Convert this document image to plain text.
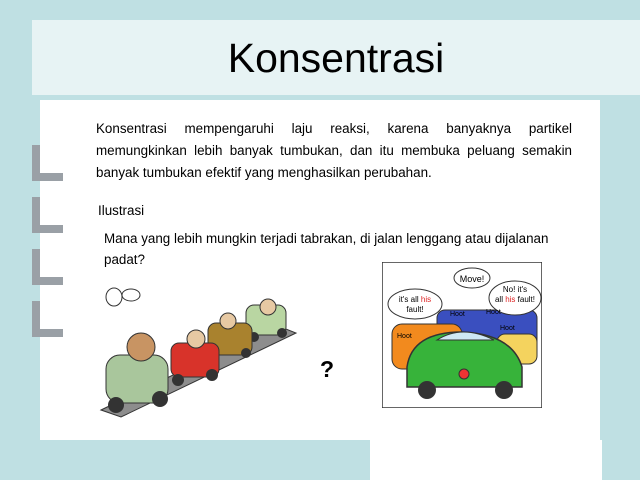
Konsentrasi
Konsentrasi mempengaruhi laju reaksi, karena banyaknya partikel memungkinkan lebih banyak tumbukan, dan itu membuka peluang semakin banyak tumbukan efektif yang menghasilkan perubahan.
Ilustrasi
Mana yang lebih mungkin terjadi tabrakan, di jalan lenggang atau dijalanan padat?
?
Move!
it's all his
fault!
No! it's
all his fault!
Hoot	Hoot
Hoot
Hoot
